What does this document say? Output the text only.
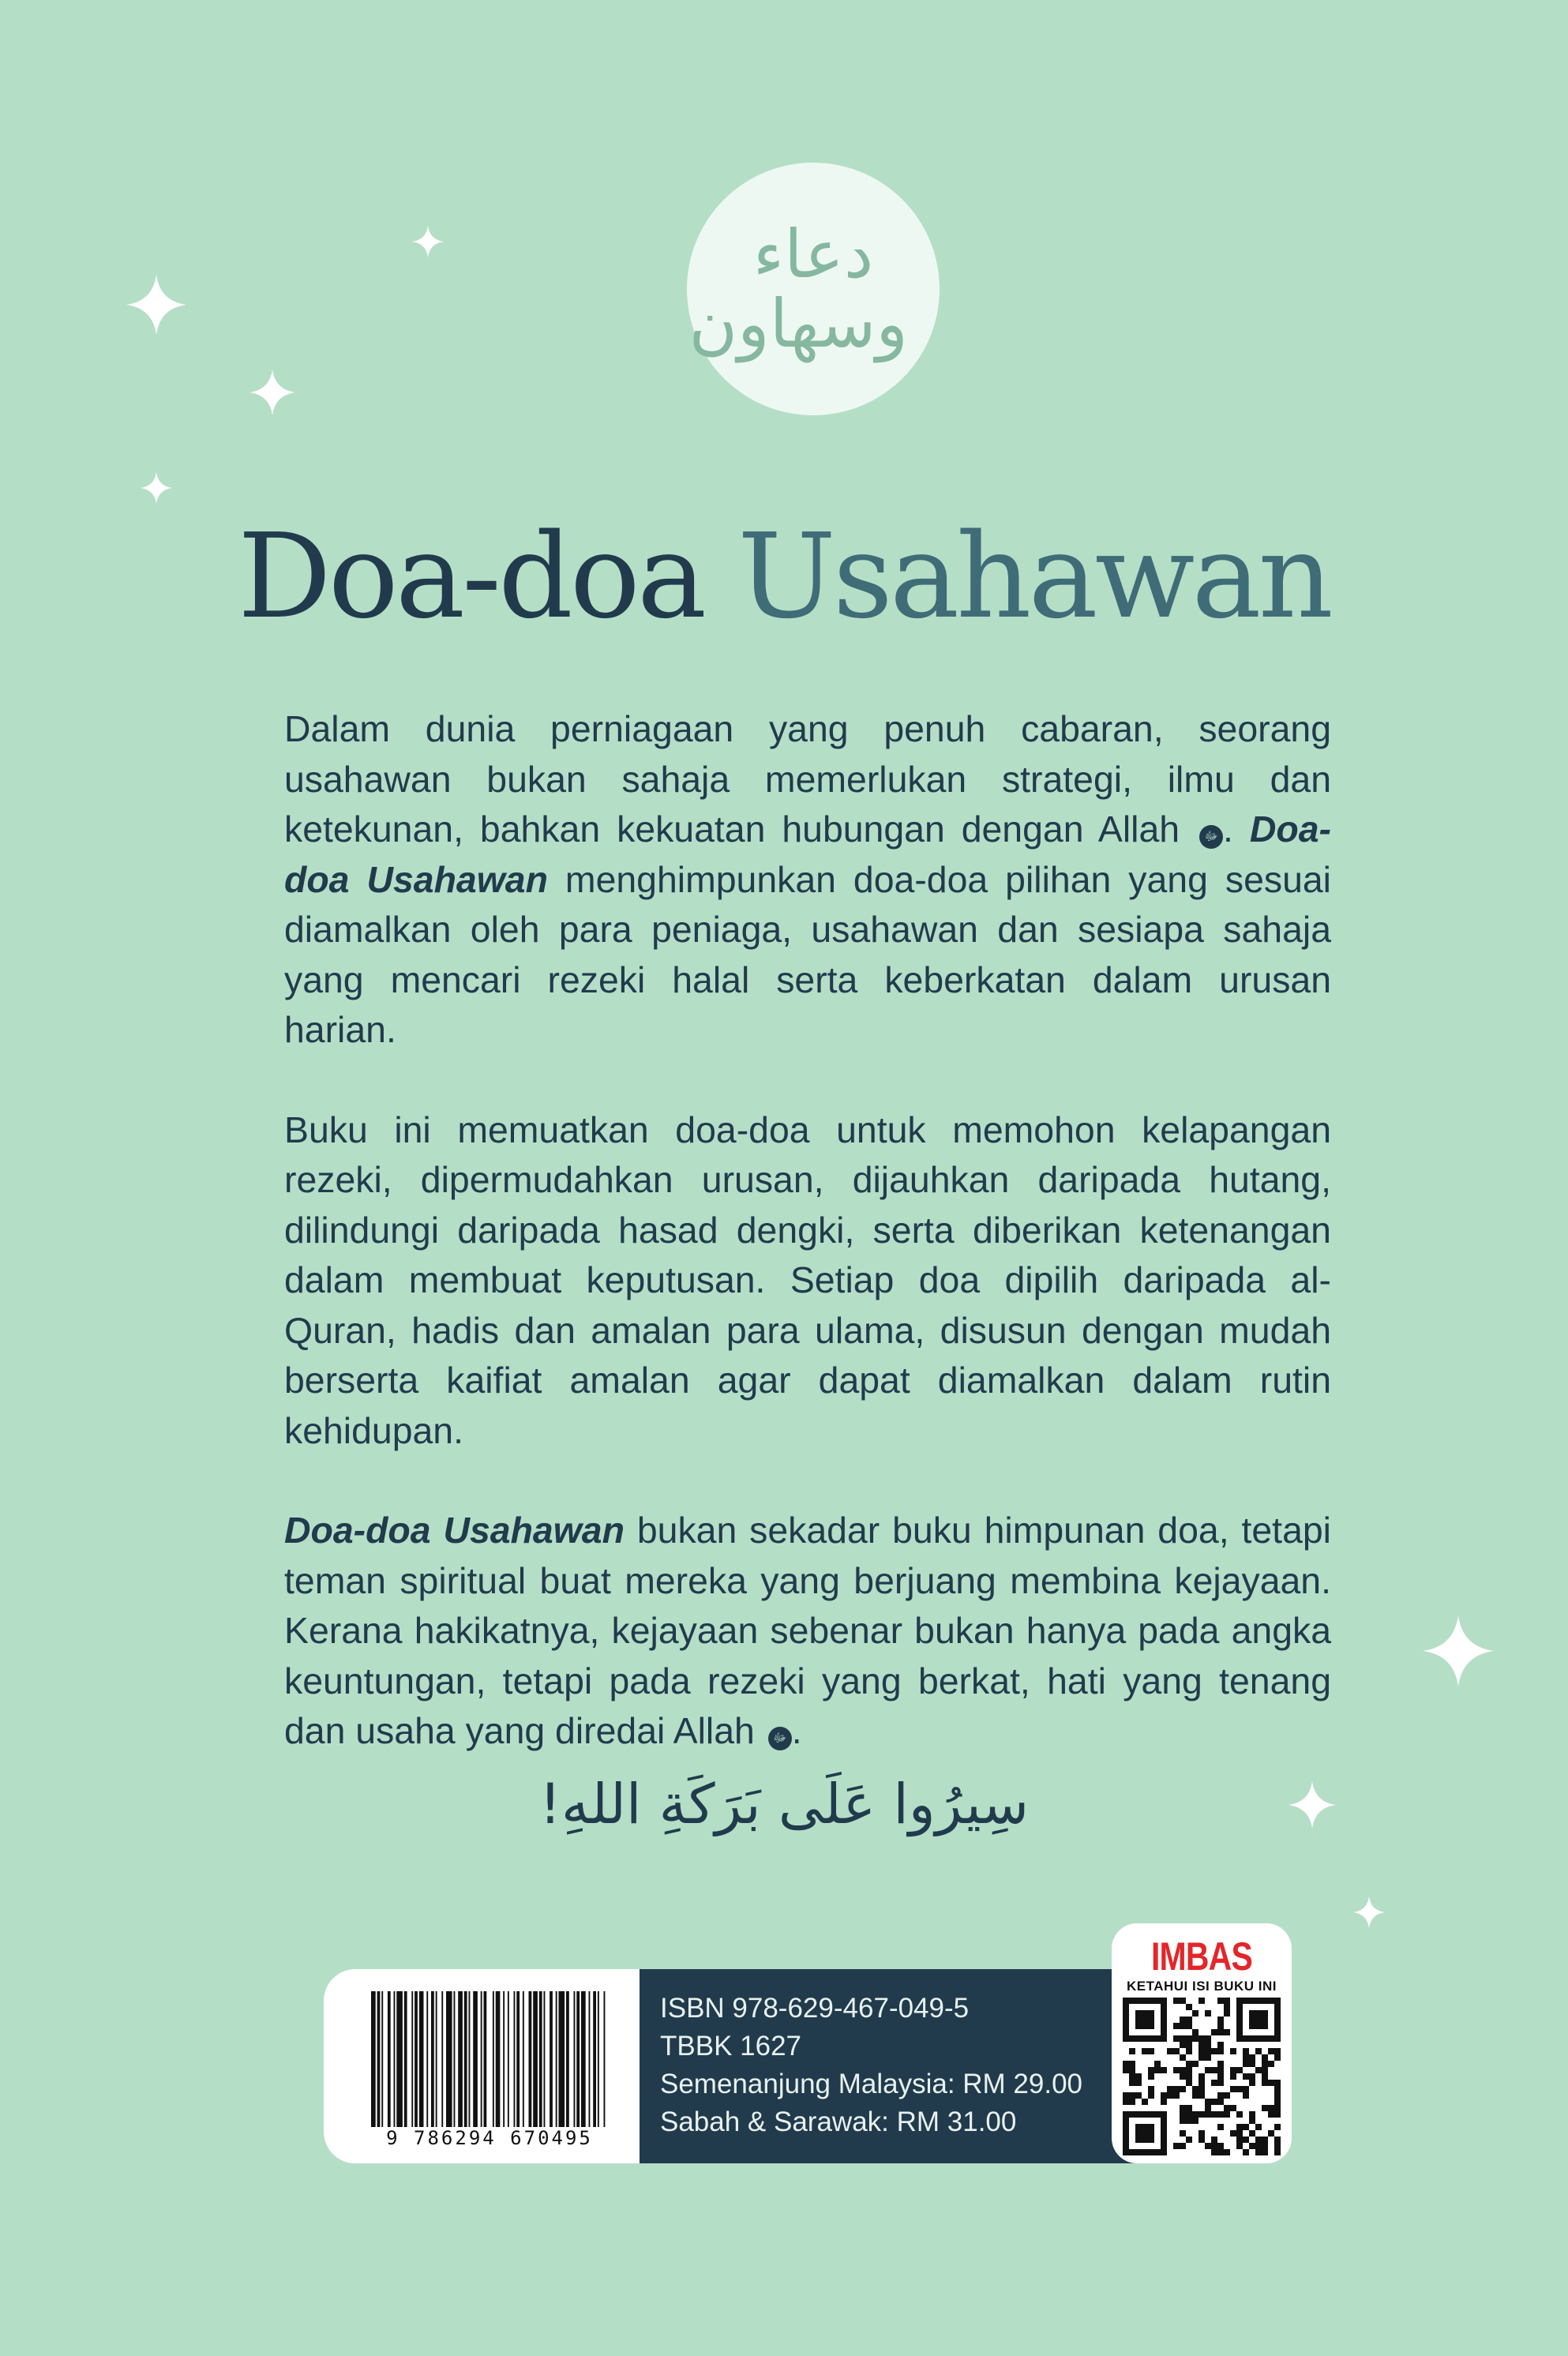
دعاء وسهاون
Doa-doa Usahawan

Dalam dunia perniagaan yang penuh cabaran, seorang usahawan bukan sahaja memerlukan strategi, ilmu dan ketekunan, bahkan kekuatan hubungan dengan Allah ﷻ . Doa-doa Usahawan menghimpunkan doa-doa pilihan yang sesuai diamalkan oleh para peniaga, usahawan dan sesiapa sahaja yang mencari rezeki halal serta keberkatan dalam urusan harian.

Buku ini memuatkan doa-doa untuk memohon kelapangan rezeki, dipermudahkan urusan, dijauhkan daripada hutang, dilindungi daripada hasad dengki, serta diberikan ketenangan dalam membuat keputusan. Setiap doa dipilih daripada al-Quran, hadis dan amalan para ulama, disusun dengan mudah berserta kaifiat amalan agar dapat diamalkan dalam rutin kehidupan.

Doa-doa Usahawan bukan sekadar buku himpunan doa, tetapi teman spiritual buat mereka yang berjuang membina kejayaan. Kerana hakikatnya, kejayaan sebenar bukan hanya pada angka keuntungan, tetapi pada rezeki yang berkat, hati yang tenang dan usaha yang diredai Allah ﷻ .

سِيرُوا عَلَى بَرَكَةِ اللهِ!
9 786294 670495
ISBN 978-629-467-049-5
TBBK 1627
Semenanjung Malaysia: RM 29.00
Sabah & Sarawak: RM 31.00
IMBAS
KETAHUI ISI BUKU INI
